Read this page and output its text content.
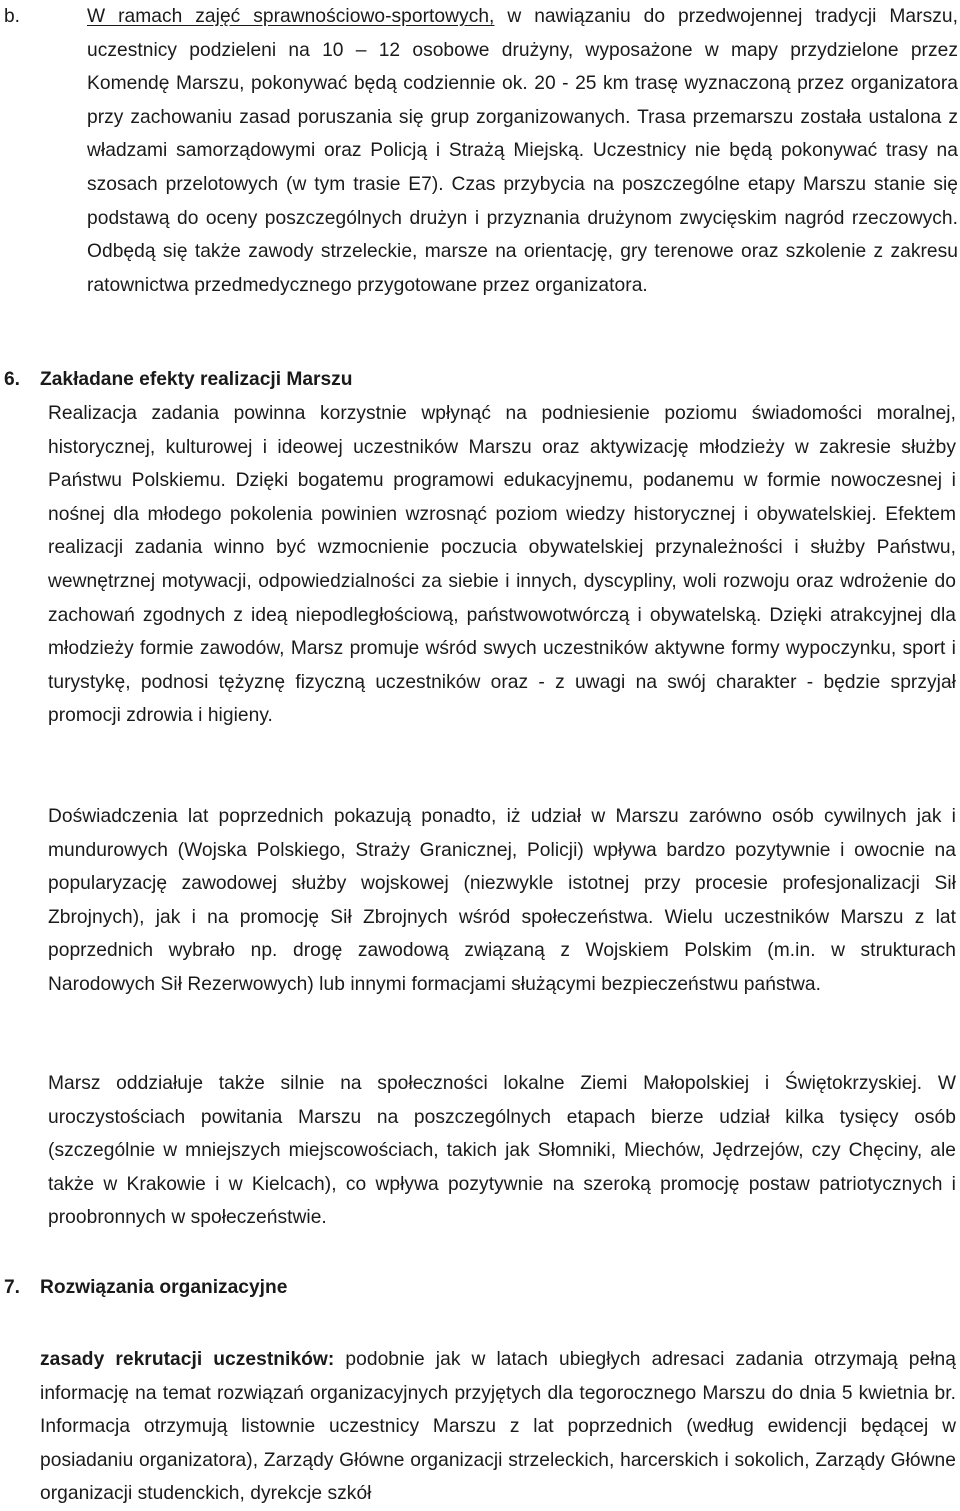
b.	W ramach zajęć sprawnościowo-sportowych, w nawiązaniu do przedwojennej tradycji Marszu, uczestnicy podzieleni na 10 – 12 osobowe drużyny, wyposażone w mapy przydzielone przez Komendę Marszu, pokonywać będą codziennie ok. 20 - 25 km trasę wyznaczoną przez organizatora przy zachowaniu zasad poruszania się grup zorganizowanych. Trasa przemarszu została ustalona z władzami samorządowymi oraz Policją i Strażą Miejską. Uczestnicy nie będą pokonywać trasy na szosach przelotowych (w tym trasie E7). Czas przybycia na poszczególne etapy Marszu stanie się podstawą do oceny poszczególnych drużyn i przyznania drużynom zwycięskim nagród rzeczowych. Odbędą się także zawody strzeleckie, marsze na orientację, gry terenowe oraz szkolenie z zakresu ratownictwa przedmedycznego przygotowane przez organizatora.

6. Zakładane efekty realizacji Marszu

Realizacja zadania powinna korzystnie wpłynąć na podniesienie poziomu świadomości moralnej, historycznej, kulturowej i ideowej uczestników Marszu oraz aktywizację młodzieży w zakresie służby Państwu Polskiemu. Dzięki bogatemu programowi edukacyjnemu, podanemu w formie nowoczesnej i nośnej dla młodego pokolenia powinien wzrosnąć poziom wiedzy historycznej i obywatelskiej. Efektem realizacji zadania winno być wzmocnienie poczucia obywatelskiej przynależności i służby Państwu, wewnętrznej motywacji, odpowiedzialności za siebie i innych, dyscypliny, woli rozwoju oraz wdrożenie do zachowań zgodnych z ideą niepodległościową, państwowotwórczą i obywatelską. Dzięki atrakcyjnej dla młodzieży formie zawodów, Marsz promuje wśród swych uczestników aktywne formy wypoczynku, sport i turystykę, podnosi tężyznę fizyczną uczestników oraz - z uwagi na swój charakter - będzie sprzyjał promocji zdrowia i higieny.

Doświadczenia lat poprzednich pokazują ponadto, iż udział w Marszu zarówno osób cywilnych jak i mundurowych (Wojska Polskiego, Straży Granicznej, Policji) wpływa bardzo pozytywnie i owocnie na popularyzację zawodowej służby wojskowej (niezwykle istotnej przy procesie profesjonalizacji Sił Zbrojnych), jak i na promocję Sił Zbrojnych wśród społeczeństwa. Wielu uczestników Marszu z lat poprzednich wybrało np. drogę zawodową związaną z Wojskiem Polskim (m.in. w strukturach Narodowych Sił Rezerwowych) lub innymi formacjami służącymi bezpieczeństwu państwa.

Marsz oddziałuje także silnie na społeczności lokalne Ziemi Małopolskiej i Świętokrzyskiej. W uroczystościach powitania Marszu na poszczególnych etapach bierze udział kilka tysięcy osób (szczególnie w mniejszych miejscowościach, takich jak Słomniki, Miechów, Jędrzejów, czy Chęciny, ale także w Krakowie i w Kielcach), co wpływa pozytywnie na szeroką promocję postaw patriotycznych i proobronnych w społeczeństwie.

7. Rozwiązania organizacyjne

zasady rekrutacji uczestników: podobnie jak w latach ubiegłych adresaci zadania otrzymają pełną informację na temat rozwiązań organizacyjnych przyjętych dla tegorocznego Marszu do dnia 5 kwietnia br. Informacja otrzymują listownie uczestnicy Marszu z lat poprzednich (według ewidencji będącej w posiadaniu organizatora), Zarządy Główne organizacji strzeleckich, harcerskich i sokolich, Zarządy Główne organizacji studenckich, dyrekcje szkół
